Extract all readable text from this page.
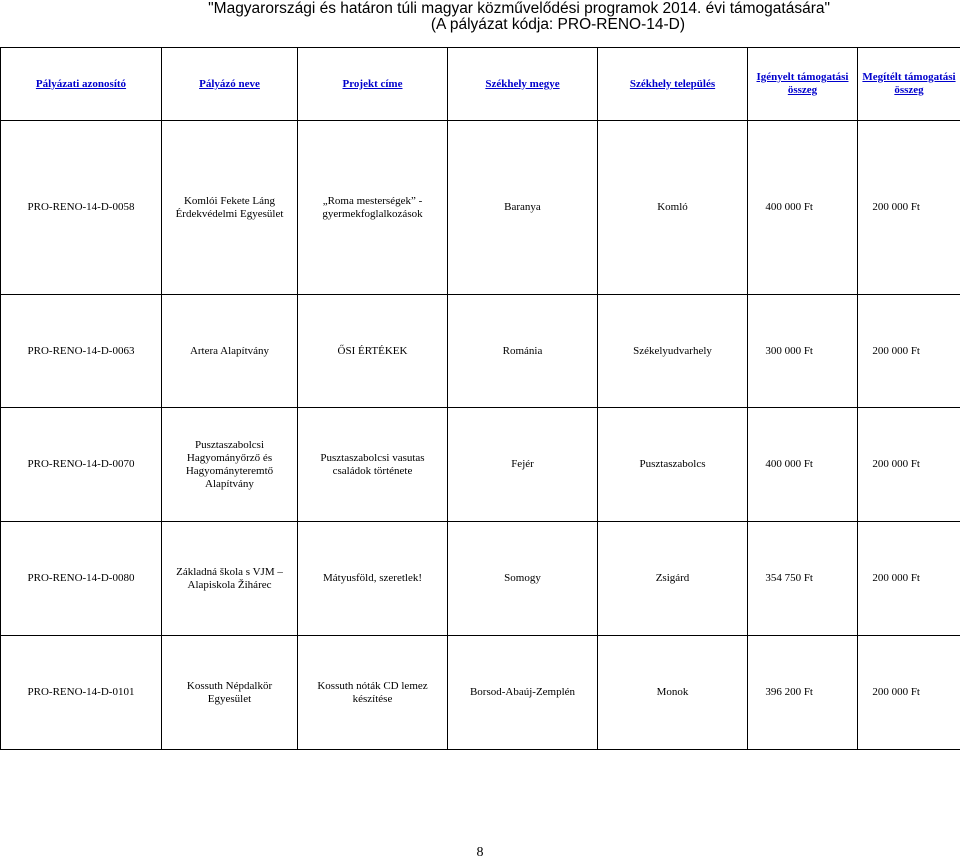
"Magyarországi és határon túli magyar közművelődési programok 2014. évi támogatására"
(A pályázat kódja: PRO-RENO-14-D)
Pályázati azonosító	Pályázó neve	Projekt címe	Székhely megye	Székhely település	Igényelt támogatási összeg	Megítélt támogatási összeg
PRO-RENO-14-D-0058	Komlói Fekete Láng Érdekvédelmi Egyesület	„Roma mesterségek” - gyermekfoglalkozások	Baranya	Komló	400 000 Ft	200 000 Ft
PRO-RENO-14-D-0063	Artera Alapítvány	ŐSI ÉRTÉKEK	Románia	Székelyudvarhely	300 000 Ft	200 000 Ft
PRO-RENO-14-D-0070	Pusztaszabolcsi Hagyományőrző és Hagyományteremtő Alapítvány	Pusztaszabolcsi vasutas családok története	Fejér	Pusztaszabolcs	400 000 Ft	200 000 Ft
PRO-RENO-14-D-0080	Základná škola s VJM – Alapiskola Žihárec	Mátyusföld, szeretlek!	Somogy	Zsigárd	354 750 Ft	200 000 Ft
PRO-RENO-14-D-0101	Kossuth Népdalkör Egyesület	Kossuth nóták CD lemez készítése	Borsod-Abaúj-Zemplén	Monok	396 200 Ft	200 000 Ft
8
